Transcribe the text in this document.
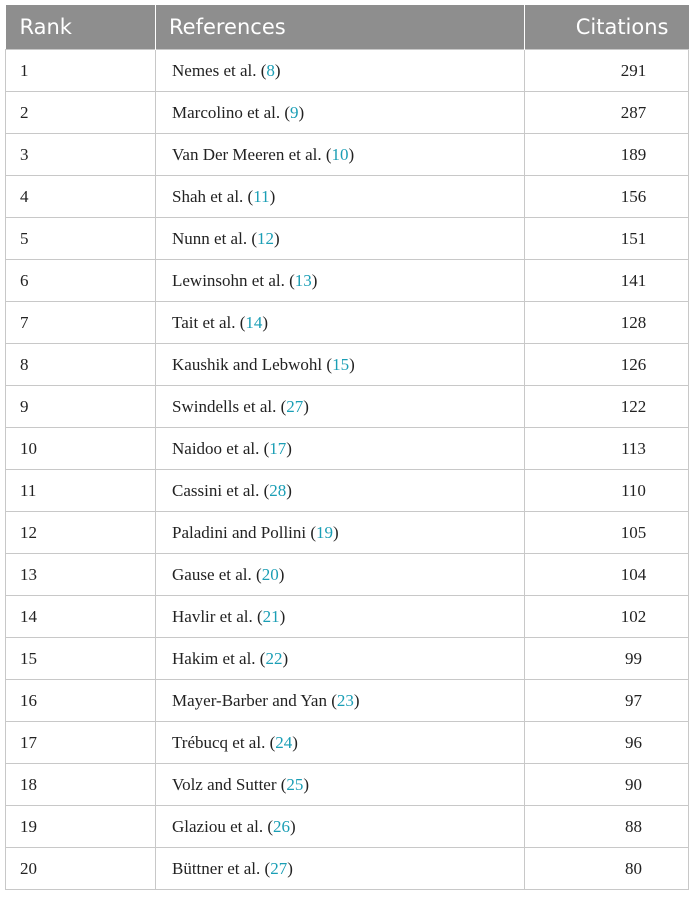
Rank	References	Citations
1	Nemes et al. (8)	291
2	Marcolino et al. (9)	287
3	Van Der Meeren et al. (10)	189
4	Shah et al. (11)	156
5	Nunn et al. (12)	151
6	Lewinsohn et al. (13)	141
7	Tait et al. (14)	128
8	Kaushik and Lebwohl (15)	126
9	Swindells et al. (27)	122
10	Naidoo et al. (17)	113
11	Cassini et al. (28)	110
12	Paladini and Pollini (19)	105
13	Gause et al. (20)	104
14	Havlir et al. (21)	102
15	Hakim et al. (22)	99
16	Mayer-Barber and Yan (23)	97
17	Trébucq et al. (24)	96
18	Volz and Sutter (25)	90
19	Glaziou et al. (26)	88
20	Büttner et al. (27)	80
